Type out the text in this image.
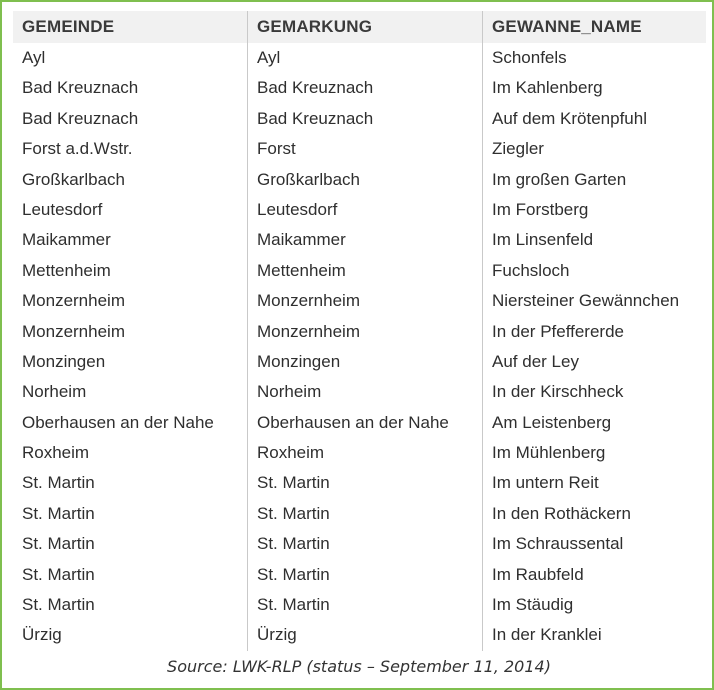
GEMEINDE	GEMARKUNG	GEWANNE_NAME
Ayl	Ayl	Schonfels
Bad Kreuznach	Bad Kreuznach	Im Kahlenberg
Bad Kreuznach	Bad Kreuznach	Auf dem Krötenpfuhl
Forst a.d.Wstr.	Forst	Ziegler
Großkarlbach	Großkarlbach	Im großen Garten
Leutesdorf	Leutesdorf	Im Forstberg
Maikammer	Maikammer	Im Linsenfeld
Mettenheim	Mettenheim	Fuchsloch
Monzernheim	Monzernheim	Niersteiner Gewännchen
Monzernheim	Monzernheim	In der Pfeffererde
Monzingen	Monzingen	Auf der Ley
Norheim	Norheim	In der Kirschheck
Oberhausen an der Nahe	Oberhausen an der Nahe	Am Leistenberg
Roxheim	Roxheim	Im Mühlenberg
St. Martin	St. Martin	Im untern Reit
St. Martin	St. Martin	In den Rothäckern
St. Martin	St. Martin	Im Schraussental
St. Martin	St. Martin	Im Raubfeld
St. Martin	St. Martin	Im Stäudig
Ürzig	Ürzig	In der Kranklei
Source: LWK-RLP (status – September 11, 2014)
